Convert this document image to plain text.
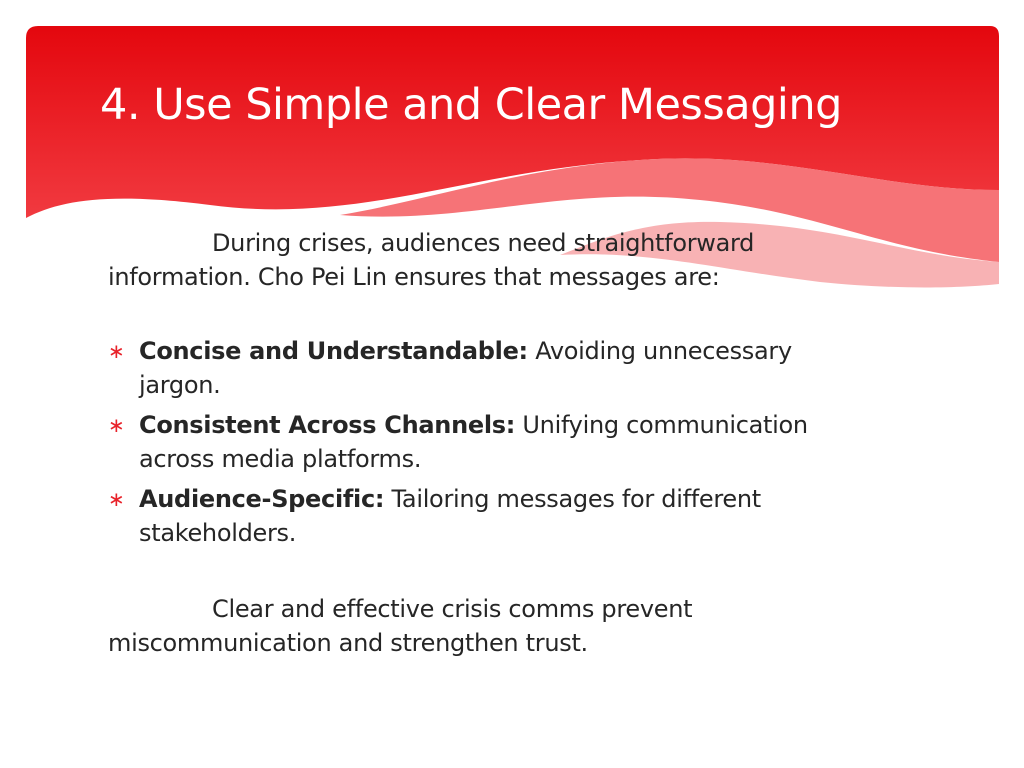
4. Use Simple and Clear Messaging

During crises, audiences need straightforward information. Cho Pei Lin ensures that messages are:

∗ Concise and Understandable: Avoiding unnecessary jargon.
∗ Consistent Across Channels: Unifying communication across media platforms.
∗ Audience-Specific: Tailoring messages for different stakeholders.

Clear and effective crisis comms prevent miscommunication and strengthen trust.
